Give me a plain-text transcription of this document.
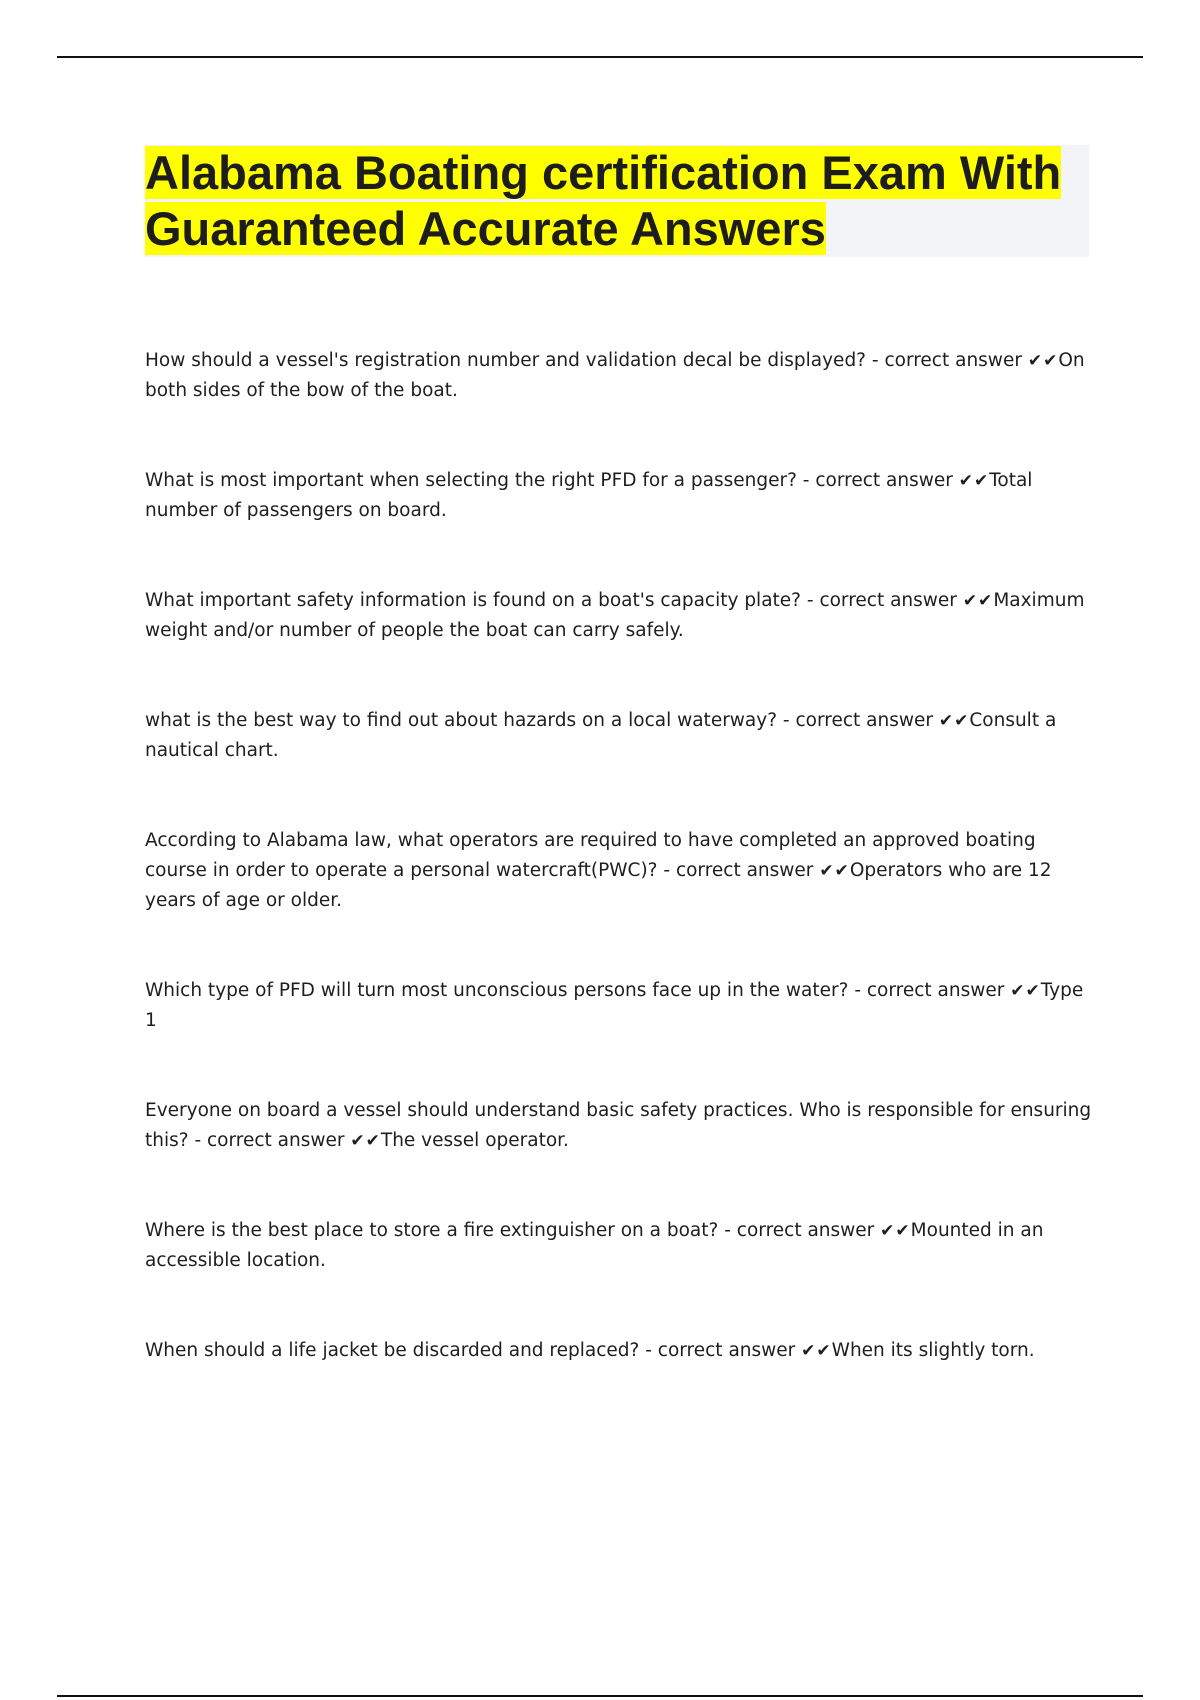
Alabama Boating certification Exam With Guaranteed Accurate Answers
How should a vessel's registration number and validation decal be displayed? - correct answer ✔✔On both sides of the bow of the boat.
What is most important when selecting the right PFD for a passenger? - correct answer ✔✔Total number of passengers on board.
What important safety information is found on a boat's capacity plate? - correct answer ✔✔Maximum weight and/or number of people the boat can carry safely.
what is the best way to find out about hazards on a local waterway? - correct answer ✔✔Consult a nautical chart.
According to Alabama law, what operators are required to have completed an approved boating course in order to operate a personal watercraft(PWC)? - correct answer ✔✔Operators who are 12 years of age or older.
Which type of PFD will turn most unconscious persons face up in the water? - correct answer ✔✔Type 1
Everyone on board a vessel should understand basic safety practices. Who is responsible for ensuring this? - correct answer ✔✔The vessel operator.
Where is the best place to store a fire extinguisher on a boat? - correct answer ✔✔Mounted in an accessible location.
When should a life jacket be discarded and replaced? - correct answer ✔✔When its slightly torn.
